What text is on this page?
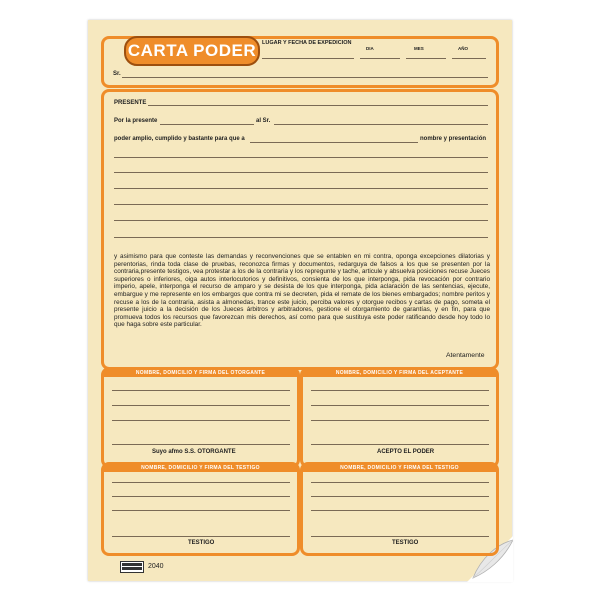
CARTA PODER	LUGAR Y FECHA DE EXPEDICION
DIA	MES	AÑO
Sr.
PRESENTE
Por la presente	al Sr.
poder amplio, cumplido y bastante para que a	nombre y presentación
y asimismo para que conteste las demandas y reconvenciones que se entablen en mi contra, oponga excepciones dilatorias y perentorias, rinda toda clase de pruebas, reconozca firmas y documentos, redarguya de falsos a los que se presenten por la contraria,presente testigos, vea protestar a los de la contraria y los repregunte y tache, articule y absuelva posiciones recuse Jueces superiores o inferiores, oiga autos interlocutorios y definitivos, consienta de los que interponga, pida revocación por contrario imperio, apele, interponga el recurso de amparo y se desista de los que interponga, pida aclaración de las sentencias, ejecute, embargue y me represente en los embargos que contra mi se decreten, pida el remate de los bienes embargados; nombre peritos y recuse a los de la contraria, asista a almonedas, trance este juicio, perciba valores y otorgue recibos y cartas de pago, someta el presente juicio a la decisión de los Jueces árbitros y arbitradores, gestione el otorgamiento de garantías, y en fin, para que promueva todos los recursos que favorezcan mis derechos, así como para que sustituya este poder ratificando desde hoy todo lo que haga sobre este particular.
Atentamente
NOMBRE, DOMICILIO Y FIRMA DEL OTORGANTE
Suyo afmo S.S. OTORGANTE
NOMBRE, DOMICILIO Y FIRMA DEL ACEPTANTE
ACEPTO EL PODER
NOMBRE, DOMICILIO Y FIRMA DEL TESTIGO
TESTIGO
NOMBRE, DOMICILIO Y FIRMA DEL TESTIGO
TESTIGO
2040
